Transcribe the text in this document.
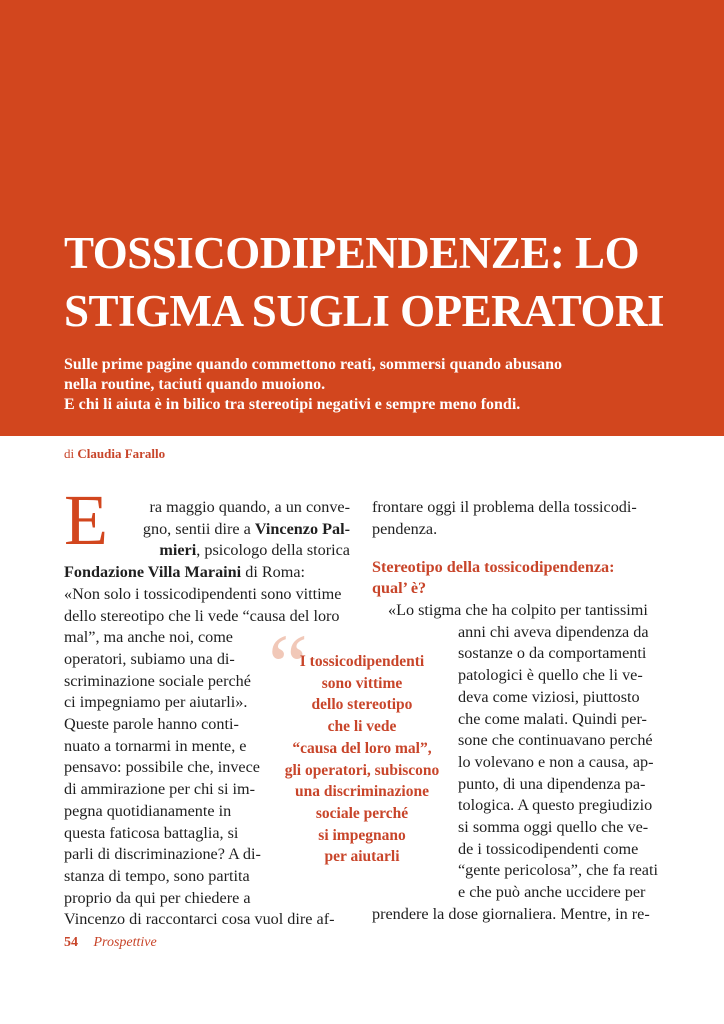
TOSSICODIPENDENZE: LO
STIGMA SUGLI OPERATORI

Sulle prime pagine quando commettono reati, sommersi quando abusano
nella routine, taciuti quando muoiono.
E chi li aiuta è in bilico tra stereotipi negativi e sempre meno fondi.

di Claudia Farallo
E	ra maggio quando, a un conve-
gno, sentii dire a Vincenzo Pal-
mieri, psicologo della storica
Fondazione Villa Maraini di Roma:
«Non solo i tossicodipendenti sono vittime
dello stereotipo che li vede “causa del loro
mal”, ma anche noi, come
operatori, subiamo una di-
scriminazione sociale perché
ci impegniamo per aiutarli».
Queste parole hanno conti-
nuato a tornarmi in mente, e
pensavo: possibile che, invece
di ammirazione per chi si im-
pegna quotidianamente in
questa faticosa battaglia, si
parli di discriminazione? A di-
stanza di tempo, sono partita
proprio da qui per chiedere a
Vincenzo di raccontarci cosa vuol dire af-
frontare oggi il problema della tossicodi-
pendenza.
Stereotipo della tossicodipendenza:
qual’ è?
«Lo stigma che ha colpito per tantissimi
anni chi aveva dipendenza da
sostanze o da comportamenti
patologici è quello che li ve-
deva come viziosi, piuttosto
che come malati. Quindi per-
sone che continuavano perché
lo volevano e non a causa, ap-
punto, di una dipendenza pa-
tologica. A questo pregiudizio
si somma oggi quello che ve-
de i tossicodipendenti come
“gente pericolosa”, che fa reati
e che può anche uccidere per
prendere la dose giornaliera. Mentre, in re-
“
I tossicodipendenti
sono vittime
dello stereotipo
che li vede
“causa del loro mal”,
gli operatori, subiscono
una discriminazione
sociale perché
si impegnano
per aiutarli
54 Prospettive
